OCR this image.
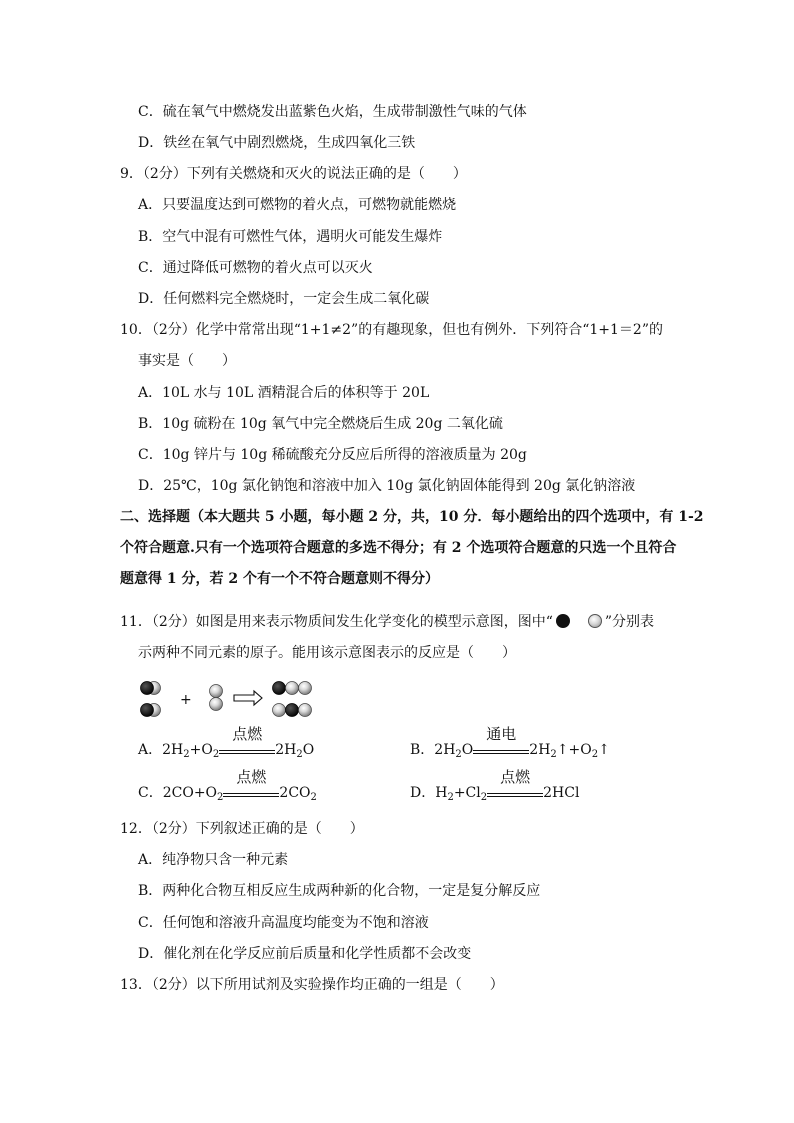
C．硫在氧气中燃烧发出蓝紫色火焰，生成带制激性气味的气体
D．铁丝在氧气中剧烈燃烧，生成四氧化三铁
9．（2分）下列有关燃烧和灭火的说法正确的是（　　）
A．只要温度达到可燃物的着火点，可燃物就能燃烧
B．空气中混有可燃性气体，遇明火可能发生爆炸
C．通过降低可燃物的着火点可以灭火
D．任何燃料完全燃烧时，一定会生成二氧化碳
10．（2分）化学中常常出现“1+1≠2”的有趣现象，但也有例外．下列符合“1+1＝2”的
事实是（　　）
A．10L 水与 10L 酒精混合后的体积等于 20L
B．10g 硫粉在 10g 氧气中完全燃烧后生成 20g 二氧化硫
C．10g 锌片与 10g 稀硫酸充分反应后所得的溶液质量为 20g
D．25℃，10g 氯化钠饱和溶液中加入 10g 氯化钠固体能得到 20g 氯化钠溶液
二、选择题（本大题共 5 小题，每小题 2 分，共，10 分．每小题给出的四个选项中，有 1-2
个符合题意.只有一个选项符合题意的多选不得分；有 2 个选项符合题意的只选一个且符合
题意得 1 分，若 2 个有一个不符合题意则不得分）
11．（2分）如图是用来表示物质间发生化学变化的模型示意图，图中“	”分别表
示两种不同元素的原子。能用该示意图表示的反应是（　　）
+
A．$2H_2+O_2$
点燃
$2H_2O$	B．$2H_2O$
通电
$2H_2↑+O_2↑$
C．$2CO+O_2$
点燃
$2CO_2$	D．$H_2+Cl_2$
点燃
2HCl
12．（2分）下列叙述正确的是（　　）
A．纯净物只含一种元素
B．两种化合物互相反应生成两种新的化合物，一定是复分解反应
C．任何饱和溶液升高温度均能变为不饱和溶液
D．催化剂在化学反应前后质量和化学性质都不会改变
13．（2分）以下所用试剂及实验操作均正确的一组是（　　）
